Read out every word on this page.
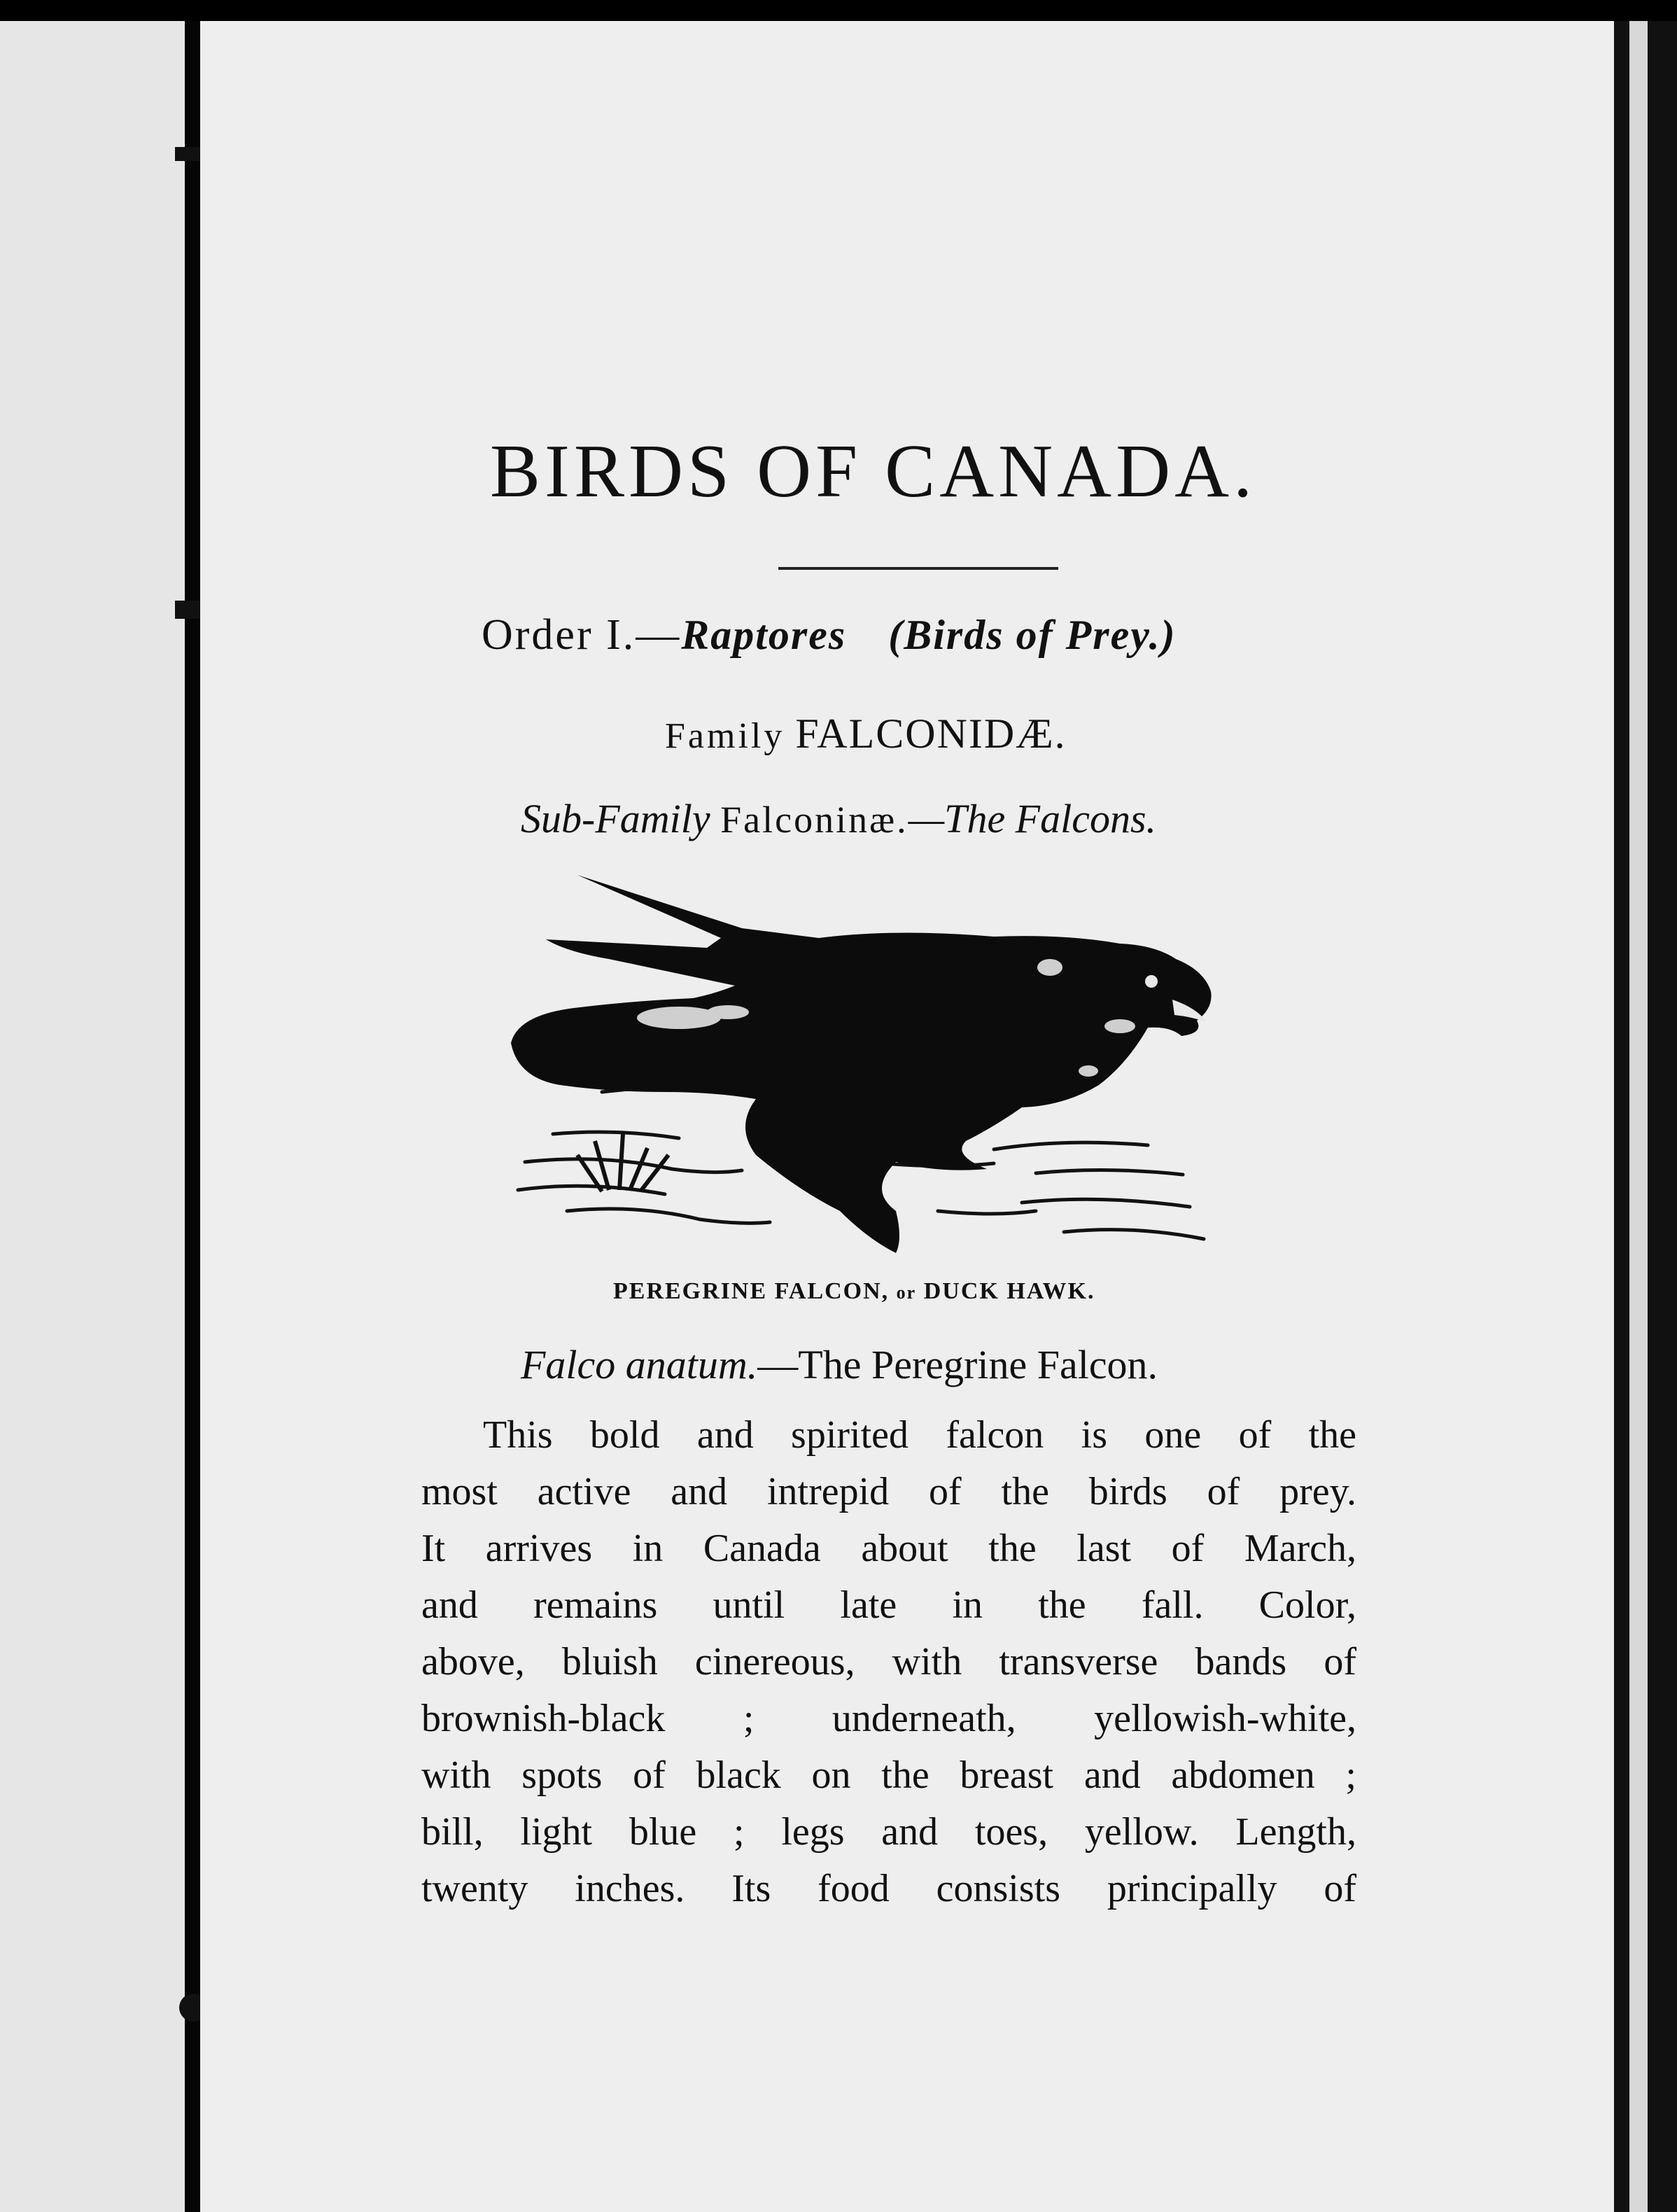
BIRDS OF CANADA.
Order I.—Raptores (Birds of Prey.)
Family FALCONIDÆ.
Sub-Family Falconinæ.—The Falcons.
PEREGRINE FALCON, or DUCK HAWK.
Falco anatum.—The Peregrine Falcon.
This bold and spirited falcon is one of the
most active and intrepid of the birds of prey.
It arrives in Canada about the last of March,
and remains until late in the fall. Color,
above, bluish cinereous, with transverse bands of
brownish-black ; underneath, yellowish-white,
with spots of black on the breast and abdomen ;
bill, light blue ; legs and toes, yellow. Length,
twenty inches. Its food consists principally of
